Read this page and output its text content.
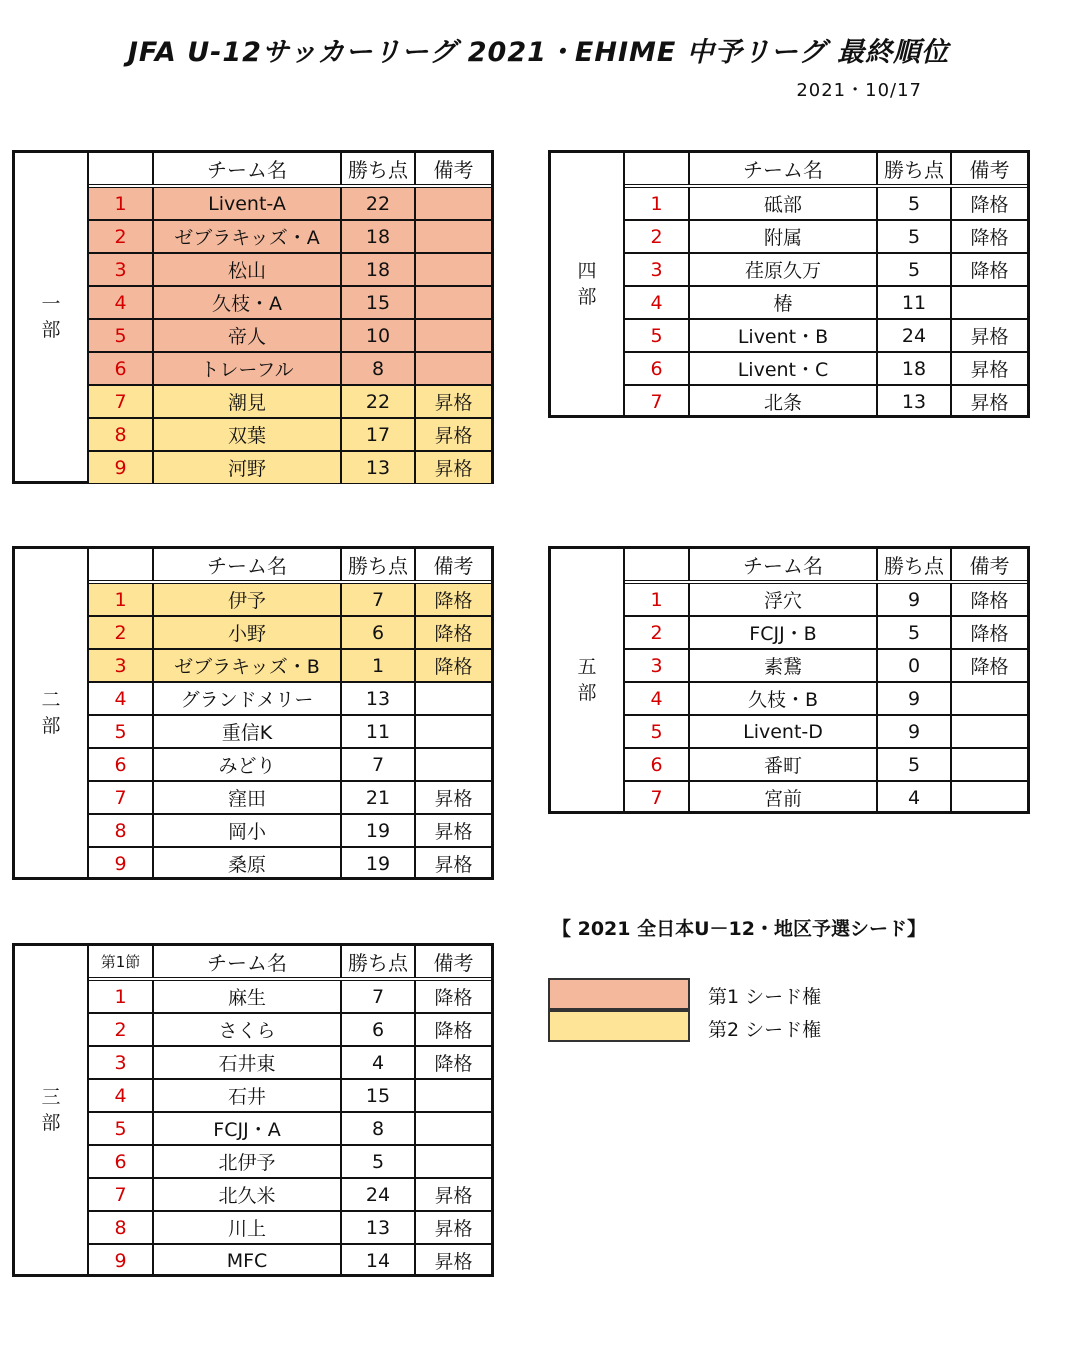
JFA U-12サッカーリーグ 2021・EHIME 中予リーグ 最終順位
2021・10/17
一
部
	チーム名	勝ち点	備考
1	Livent-A	22	
2	ゼブラキッズ・A	18	
3	松山	18	
4	久枝・A	15	
5	帝人	10	
6	トレーフル	8	
7	潮見	22	昇格
8	双葉	17	昇格
9	河野	13	昇格
二
部
	チーム名	勝ち点	備考
1	伊予	7	降格
2	小野	6	降格
3	ゼブラキッズ・B	1	降格
4	グランドメリー	13	
5	重信K	11	
6	みどり	7	
7	窪田	21	昇格
8	岡小	19	昇格
9	桑原	19	昇格
三
部
第1節	チーム名	勝ち点	備考
1	麻生	7	降格
2	さくら	6	降格
3	石井東	4	降格
4	石井	15	
5	FCJJ・A	8	
6	北伊予	5	
7	北久米	24	昇格
8	川上	13	昇格
9	MFC	14	昇格
四
部
	チーム名	勝ち点	備考
1	砥部	5	降格
2	附属	5	降格
3	荏原久万	5	降格
4	椿	11	
5	Livent・B	24	昇格
6	Livent・C	18	昇格
7	北条	13	昇格
五
部
	チーム名	勝ち点	備考
1	浮穴	9	降格
2	FCJJ・B	5	降格
3	素鵞	0	降格
4	久枝・B	9	
5	Livent-D	9	
6	番町	5	
7	宮前	4	
【 2021 全日本U－12・地区予選シード】
第1 シード権
第2 シード権
